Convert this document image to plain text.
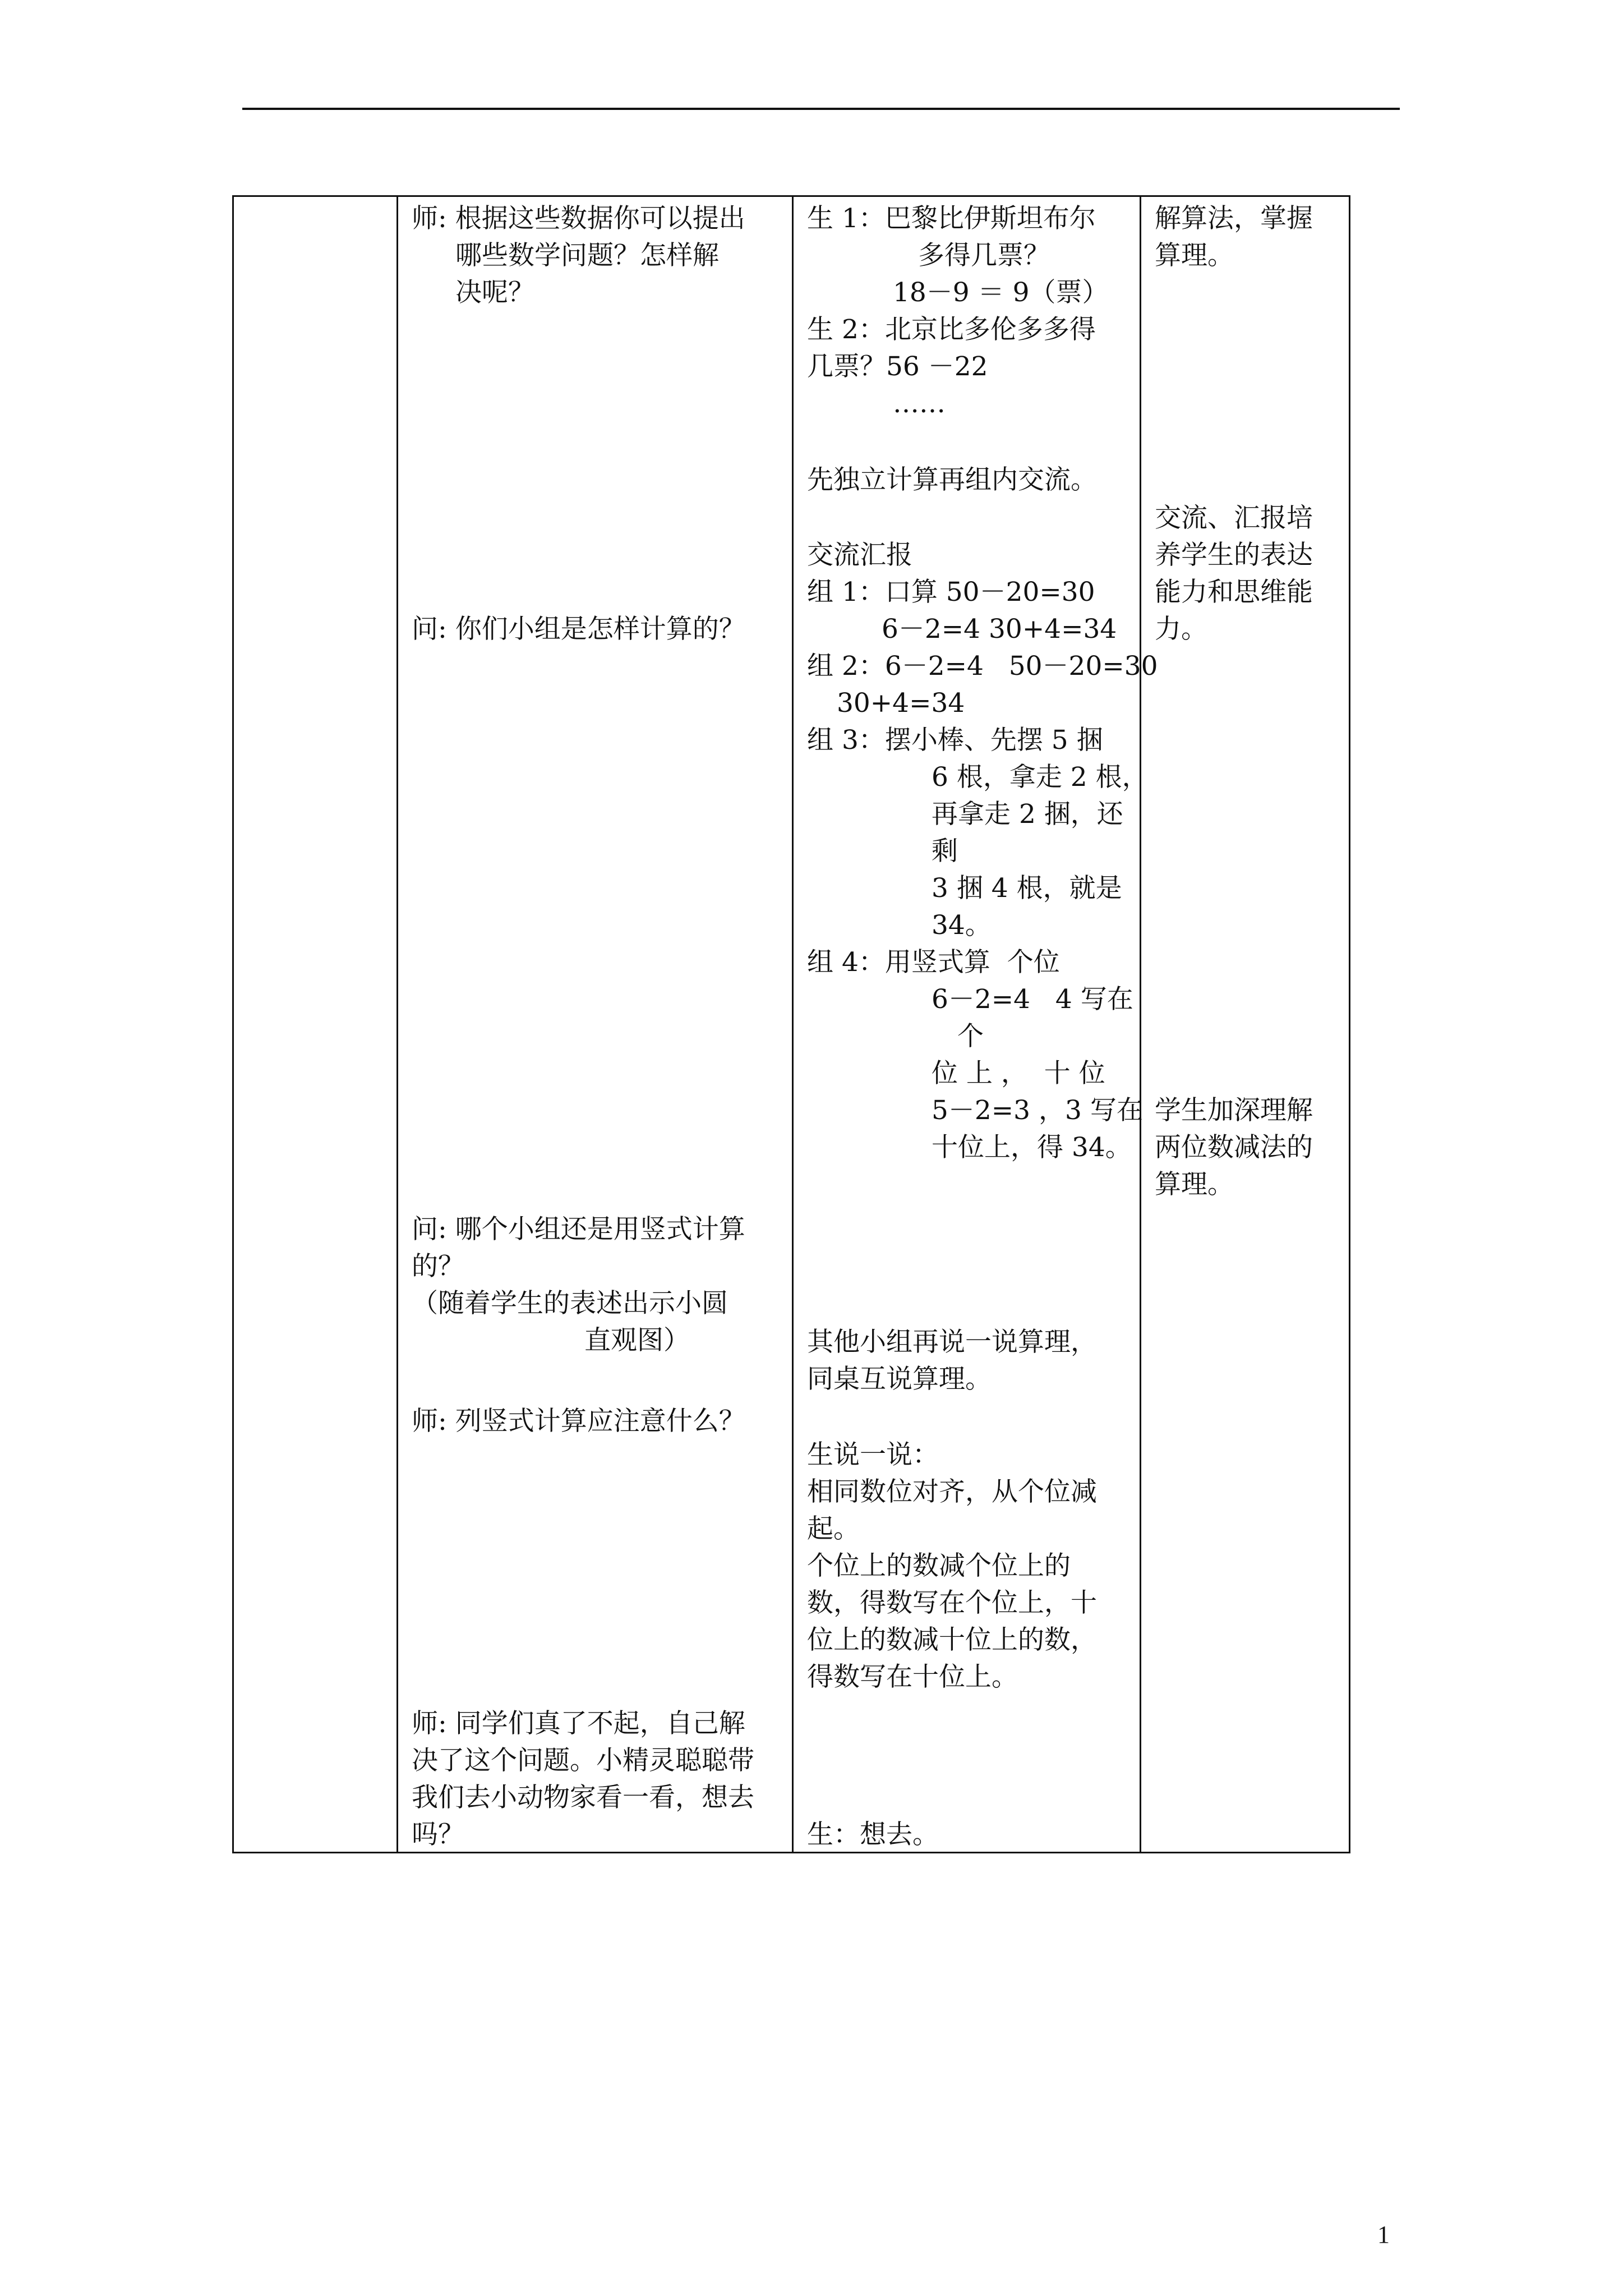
师: 根据这些数据你可以提出
哪些数学问题？怎样解
决呢？
问: 你们小组是怎样计算的？
问: 哪个小组还是用竖式计算
的？
（随着学生的表述出示小圆
直观图）
师: 列竖式计算应注意什么？
师: 同学们真了不起，自己解
决了这个问题。小精灵聪聪带
我们去小动物家看一看，想去
吗？
生 1：巴黎比伊斯坦布尔
多得几票？
18－9 ＝ 9（票）
生 2：北京比多伦多多得
几票？56 －22
……
先独立计算再组内交流。
交流汇报
组 1：口算 50－20=30
6－2=4 30+4=34
组 2：6－2=4   50－20=30
30+4=34
组 3：摆小棒、先摆 5 捆
6 根，拿走 2 根，
再拿走 2 捆，还
剩
3 捆 4 根，就是
34。
组 4：用竖式算  个位
6－2=4   4 写在
个
位 上 ，  十 位
5－2=3 ，3 写在
十位上，得 34。
其他小组再说一说算理，
同桌互说算理。
生说一说：
相同数位对齐，从个位减
起。
个位上的数减个位上的
数，得数写在个位上，十
位上的数减十位上的数，
得数写在十位上。
生：想去。
解算法，掌握
算理。
交流、汇报培
养学生的表达
能力和思维能
力。
学生加深理解
两位数减法的
算理。
1
